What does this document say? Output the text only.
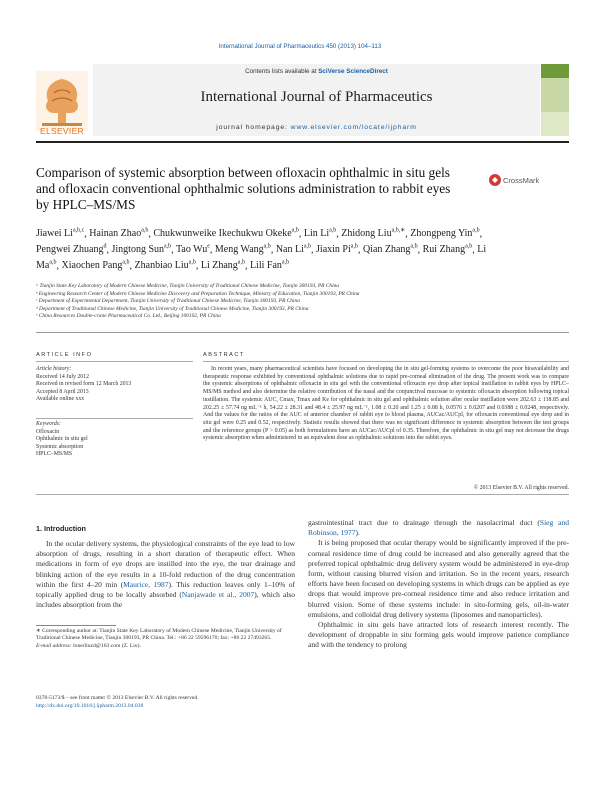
International Journal of Pharmaceutics 450 (2013) 104–113
Contents lists available at SciVerse ScienceDirect
International Journal of Pharmaceutics
journal homepage: www.elsevier.com/locate/ijpharm
ELSEVIER
Comparison of systemic absorption between ofloxacin ophthalmic in situ gels and ofloxacin conventional ophthalmic solutions administration to rabbit eyes by HPLC–MS/MS
CrossMark
Jiawei Li$^{a,b,c}$, Hainan Zhao$^{a,b}$, Chukwunweike Ikechukwu Okeke$^{a,b}$, Lin Li$^{a,b}$, Zhidong Liu$^{a,b,∗}$, Zhongpeng Yin$^{a,b}$, Pengwei Zhuang$^d$, Jingtong Sun$^{a,b}$, Tao Wu$^e$, Meng Wang$^{a,b}$, Nan Li$^{a,b}$, Jiaxin Pi$^{a,b}$, Qian Zhang$^{a,b}$, Rui Zhang$^{a,b}$, Li Ma$^{a,b}$, Xiaochen Pang$^{a,b}$, Zhanbiao Liu$^{a,b}$, Li Zhang$^{a,b}$, Lili Fan$^{a,b}$
ᵃ Tianjin State Key Laboratory of Modern Chinese Medicine, Tianjin University of Traditional Chinese Medicine, Tianjin 300193, PR China
ᵇ Engineering Research Center of Modern Chinese Medicine Discovery and Preparation Technique, Ministry of Education, Tianjin 300193, PR China
ᶜ Department of Experimental Department, Tianjin University of Traditional Chinese Medicine, Tianjin 300193, PR China
ᵈ Department of Traditional Chinese Medicine, Tianjin University of Traditional Chinese Medicine, Tianjin 300193, PR China
ᵉ China Resources Double-crane Pharmaceutical Co. Ltd., Beijing 100102, PR China
ARTICLE INFO	ABSTRACT
Article history:
Received 14 July 2012
Received in revised form 12 March 2013
Accepted 8 April 2013
Available online xxx
Keywords:
Ofloxacin
Ophthalmic in situ gel
Systemic absorption
HPLC–MS/MS
In recent years, many pharmaceutical scientists have focused on developing the in situ gel-forming systems to overcome the poor bioavailability and therapeutic response exhibited by conventional ophthalmic solutions due to rapid pre-corneal elimination of the drug. The present work was to compare the systemic absorptions of ophthalmic ofloxacin in situ gel with the conventional ofloxacin eye drop after topical instillation to rabbit eyes by HPLC–MS/MS method and also determine the relative contribution of the nasal and the conjunctival mucosae to systemic ofloxacin absorption following topical instillation. The systemic AUC, Cmax, Tmax and Ke for ophthalmic in situ gel and ophthalmic solution after ocular instillation were 202.63 ± 118.85 and 202.25 ± 57.74 ng mL⁻¹ h, 54.22 ± 28.31 and 48.4 ± 25.97 ng mL⁻¹, 1.08 ± 0.20 and 1.25 ± 0.88 h, 0.0576 ± 0.0207 and 0.0388 ± 0.0248, respectively. And the values for the ratios of the AUC of anterior chamber of rabbit eye to blood plasma, AUCac/AUCpl, for ofloxacin conventional eye drop and in situ gel were 0.25 and 0.52, respectively. Statistic results showed that there was no significant difference in systemic absorption between the test groups and the reference groups (P > 0.05) as both formulations have an AUCac/AUCpl of 0.35. Therefore, the ophthalmic in situ gel may not decrease the drugs systemic absorption when administered in an equivalent dose as ophthalmic solutions into the rabbit eyes.
© 2013 Elsevier B.V. All rights reserved.
1. Introduction
In the ocular delivery systems, the physiological constraints of the eye lead to low absorption of drugs, resulting in a short duration of therapeutic effect. When medications in form of eye drops are instilled into the eye, the tear drainage and blinking action of the eye results in a 10-fold reduction of the drug concentration within the first 4–20 min (Maurice, 1987). This reduction leaves only 1–10% of topically applied drug to be locally absorbed (Nanjawade et al., 2007), which also includes absorption from the
∗ Corresponding author at: Tianjin State Key Laboratory of Modern Chinese Medicine, Tianjin University of Traditional Chinese Medicine, Tianjin 300193, PR China. Tel.: +86 22 59596170; fax: +86 22 27493265.
E-mail address: lonerliuzd@163.com (Z. Liu).

gastrointestinal tract due to drainage through the nasolacrimal duct (Sieg and Robinson, 1977).

It is being proposed that ocular therapy would be significantly improved if the pre-corneal residence time of drug could be increased and also generally agreed that the preferred topical ophthalmic drug delivery system would be administered in eye-drop form, without causing blurred vision and irritation. So in the recent years, research efforts have been focused on developing systems in which drugs can be applied as eye drops that would improve pre-corneal residence time and also reduce irritation and blurred vision. Some of these systems include: in situ-forming gels, oil-in-water emulsions, and colloidal drug delivery systems (liposomes and nanoparticles).

Ophthalmic in situ gels have attracted lots of research interest recently. The development of droppable in situ forming gels would improve patience compliance and with the tendency to prolong

0378-5173/$ – see front matter © 2013 Elsevier B.V. All rights reserved.
http://dx.doi.org/10.1016/j.ijpharm.2013.04.038
